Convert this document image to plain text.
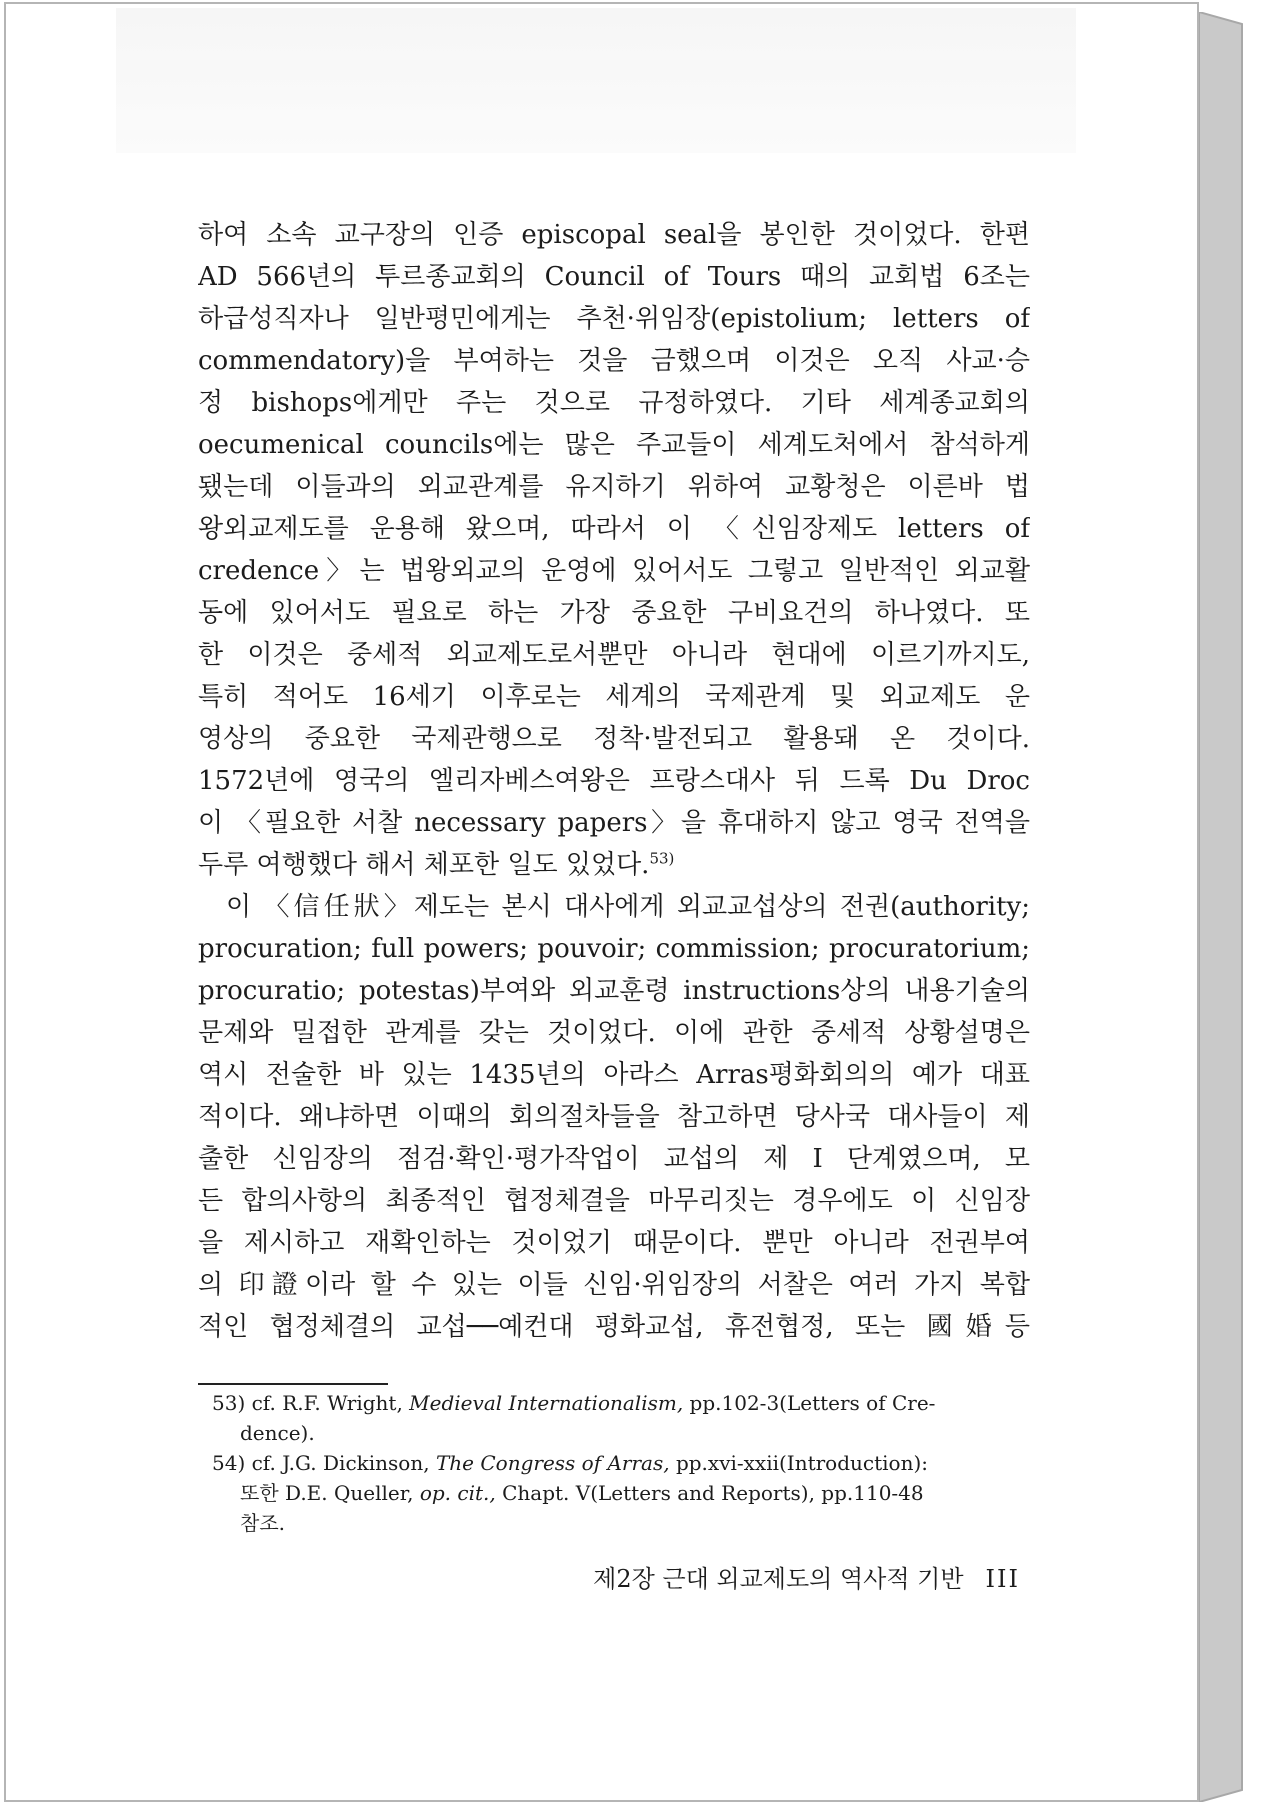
하여 소속 교구장의 인증 episcopal seal을 봉인한 것이었다. 한편
AD 566년의 투르종교회의 Council of Tours 때의 교회법 6조는
하급성직자나 일반평민에게는 추천·위임장(epistolium; letters of
commendatory)을 부여하는 것을 금했으며 이것은 오직 사교·승
정 bishops에게만 주는 것으로 규정하였다. 기타 세계종교회의
oecumenical councils에는 많은 주교들이 세계도처에서 참석하게
됐는데 이들과의 외교관계를 유지하기 위하여 교황청은 이른바 법
왕외교제도를 운용해 왔으며, 따라서 이 〈신임장제도 letters of
credence〉는 법왕외교의 운영에 있어서도 그렇고 일반적인 외교활
동에 있어서도 필요로 하는 가장 중요한 구비요건의 하나였다. 또
한 이것은 중세적 외교제도로서뿐만 아니라 현대에 이르기까지도,
특히 적어도 16세기 이후로는 세계의 국제관계 및 외교제도 운
영상의 중요한 국제관행으로 정착·발전되고 활용돼 온 것이다.
1572년에 영국의 엘리자베스여왕은 프랑스대사 뒤 드록 Du Droc
이 〈필요한 서찰 necessary papers〉을 휴대하지 않고 영국 전역을
두루 여행했다 해서 체포한 일도 있었다.$^{53)}$
이 〈信任狀〉제도는 본시 대사에게 외교교섭상의 전권(authority;
procuration; full powers; pouvoir; commission; procuratorium;
procuratio; potestas)부여와 외교훈령 instructions상의 내용기술의
문제와 밀접한 관계를 갖는 것이었다. 이에 관한 중세적 상황설명은
역시 전술한 바 있는 1435년의 아라스 Arras평화회의의 예가 대표
적이다. 왜냐하면 이때의 회의절차들을 참고하면 당사국 대사들이 제
출한 신임장의 점검·확인·평가작업이 교섭의 제 I 단계였으며, 모
든 합의사항의 최종적인 협정체결을 마무리짓는 경우에도 이 신임장
을 제시하고 재확인하는 것이었기 때문이다. 뿐만 아니라 전권부여
의 印證이라 할 수 있는 이들 신임·위임장의 서찰은 여러 가지 복합
적인 협정체결의 교섭──예컨대 평화교섭, 휴전협정, 또는 國婚등
53) cf. R.F. Wright, Medieval Internationalism, pp.102-3(Letters of Cre-
dence).
54) cf. J.G. Dickinson, The Congress of Arras, pp.xvi-xxii(Introduction):
또한 D.E. Queller, op. cit., Chapt. V(Letters and Reports), pp.110-48
참조.
제2장 근대 외교제도의 역사적 기반 III
